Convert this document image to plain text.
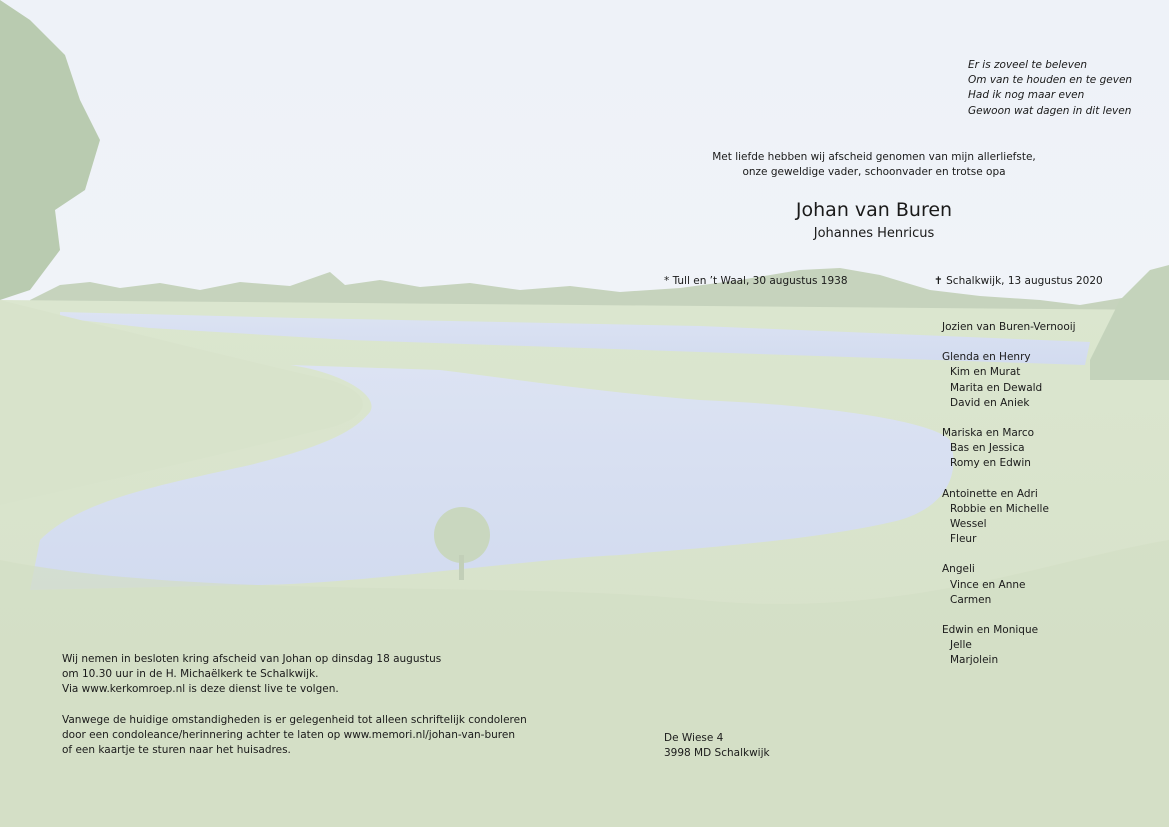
Er is zoveel te beleven
Om van te houden en te geven
Had ik nog maar even
Gewoon wat dagen in dit leven
Met liefde hebben wij afscheid genomen van mijn allerliefste,
onze geweldige vader, schoonvader en trotse opa
Johan van Buren
Johannes Henricus
* Tull en ’t Waal, 30 augustus 1938	✝ Schalkwijk, 13 augustus 2020
Jozien van Buren-Vernooij
Glenda en Henry
Kim en Murat
Marita en Dewald
David en Aniek
Mariska en Marco
Bas en Jessica
Romy en Edwin
Antoinette en Adri
Robbie en Michelle
Wessel
Fleur
Angeli
Vince en Anne
Carmen
Edwin en Monique
Jelle
Marjolein
Wij nemen in besloten kring afscheid van Johan op dinsdag 18 augustus
om 10.30 uur in de H. Michaëlkerk te Schalkwijk.
Via www.kerkomroep.nl is deze dienst live te volgen.
Vanwege de huidige omstandigheden is er gelegenheid tot alleen schriftelijk condoleren
door een condoleance/herinnering achter te laten op www.memori.nl/johan-van-buren
of een kaartje te sturen naar het huisadres.
De Wiese 4
3998 MD Schalkwijk
